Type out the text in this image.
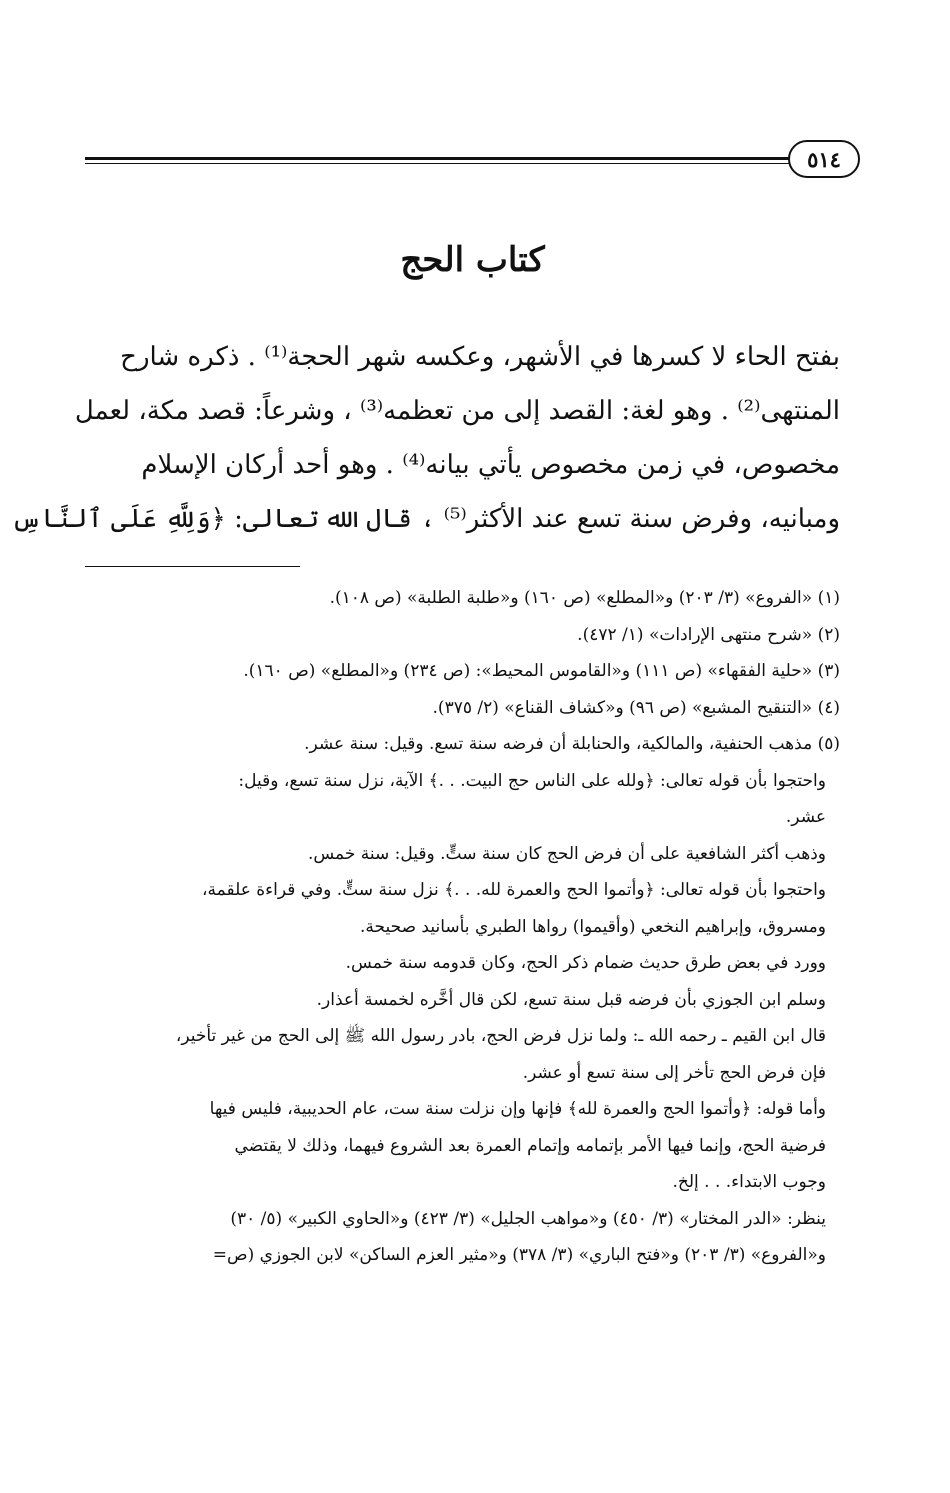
٥١٤
كتاب الحج
بفتح الحاء لا كسرها في الأشهر، وعكسه شهر الحجة⁽¹⁾ . ذكره شارح
المنتهى⁽²⁾ . وهو لغة: القصد إلى من تعظمه⁽³⁾ ، وشرعاً: قصد مكة، لعمل
مخصوص، في زمن مخصوص يأتي بيانه⁽⁴⁾ . وهو أحد أركان الإسلام
ومبانيه، وفرض سنة تسع عند الأكثر⁽⁵⁾ ، قال الله تعالى: ﴿وَلِلَّهِ عَلَى ٱلنَّاسِ
(١) «الفروع» (٣/ ٢٠٣) و«المطلع» (ص ١٦٠) و«طلبة الطلبة» (ص ١٠٨).
(٢) «شرح منتهى الإرادات» (١/ ٤٧٢).
(٣) «حلية الفقهاء» (ص ١١١) و«القاموس المحيط»: (ص ٢٣٤) و«المطلع» (ص ١٦٠).
(٤) «التنقيح المشبع» (ص ٩٦) و«كشاف القناع» (٢/ ٣٧٥).
(٥) مذهب الحنفية، والمالكية، والحنابلة أن فرضه سنة تسع. وقيل: سنة عشر.
واحتجوا بأن قوله تعالى: ﴿ولله على الناس حج البيت. . .﴾ الآية، نزل سنة تسع، وقيل:
عشر.
وذهب أكثر الشافعية على أن فرض الحج كان سنة ستٍّ. وقيل: سنة خمس.
واحتجوا بأن قوله تعالى: ﴿وأتموا الحج والعمرة لله. . .﴾ نزل سنة ستٍّ. وفي قراءة علقمة،
ومسروق، وإبراهيم النخعي (وأقيموا) رواها الطبري بأسانيد صحيحة.
وورد في بعض طرق حديث ضمام ذكر الحج، وكان قدومه سنة خمس.
وسلم ابن الجوزي بأن فرضه قبل سنة تسع، لكن قال أخَّره لخمسة أعذار.
قال ابن القيم ـ رحمه الله ـ: ولما نزل فرض الحج، بادر رسول الله ﷺ إلى الحج من غير تأخير،
فإن فرض الحج تأخر إلى سنة تسع أو عشر.
وأما قوله: ﴿وأتموا الحج والعمرة لله﴾ فإنها وإن نزلت سنة ست، عام الحديبية، فليس فيها
فرضية الحج، وإنما فيها الأمر بإتمامه وإتمام العمرة بعد الشروع فيهما، وذلك لا يقتضي
وجوب الابتداء. . . إلخ.
ينظر: «الدر المختار» (٣/ ٤٥٠) و«مواهب الجليل» (٣/ ٤٢٣) و«الحاوي الكبير» (٥/ ٣٠)
و«الفروع» (٣/ ٢٠٣) و«فتح الباري» (٣/ ٣٧٨) و«مثير العزم الساكن» لابن الجوزي (ص=
